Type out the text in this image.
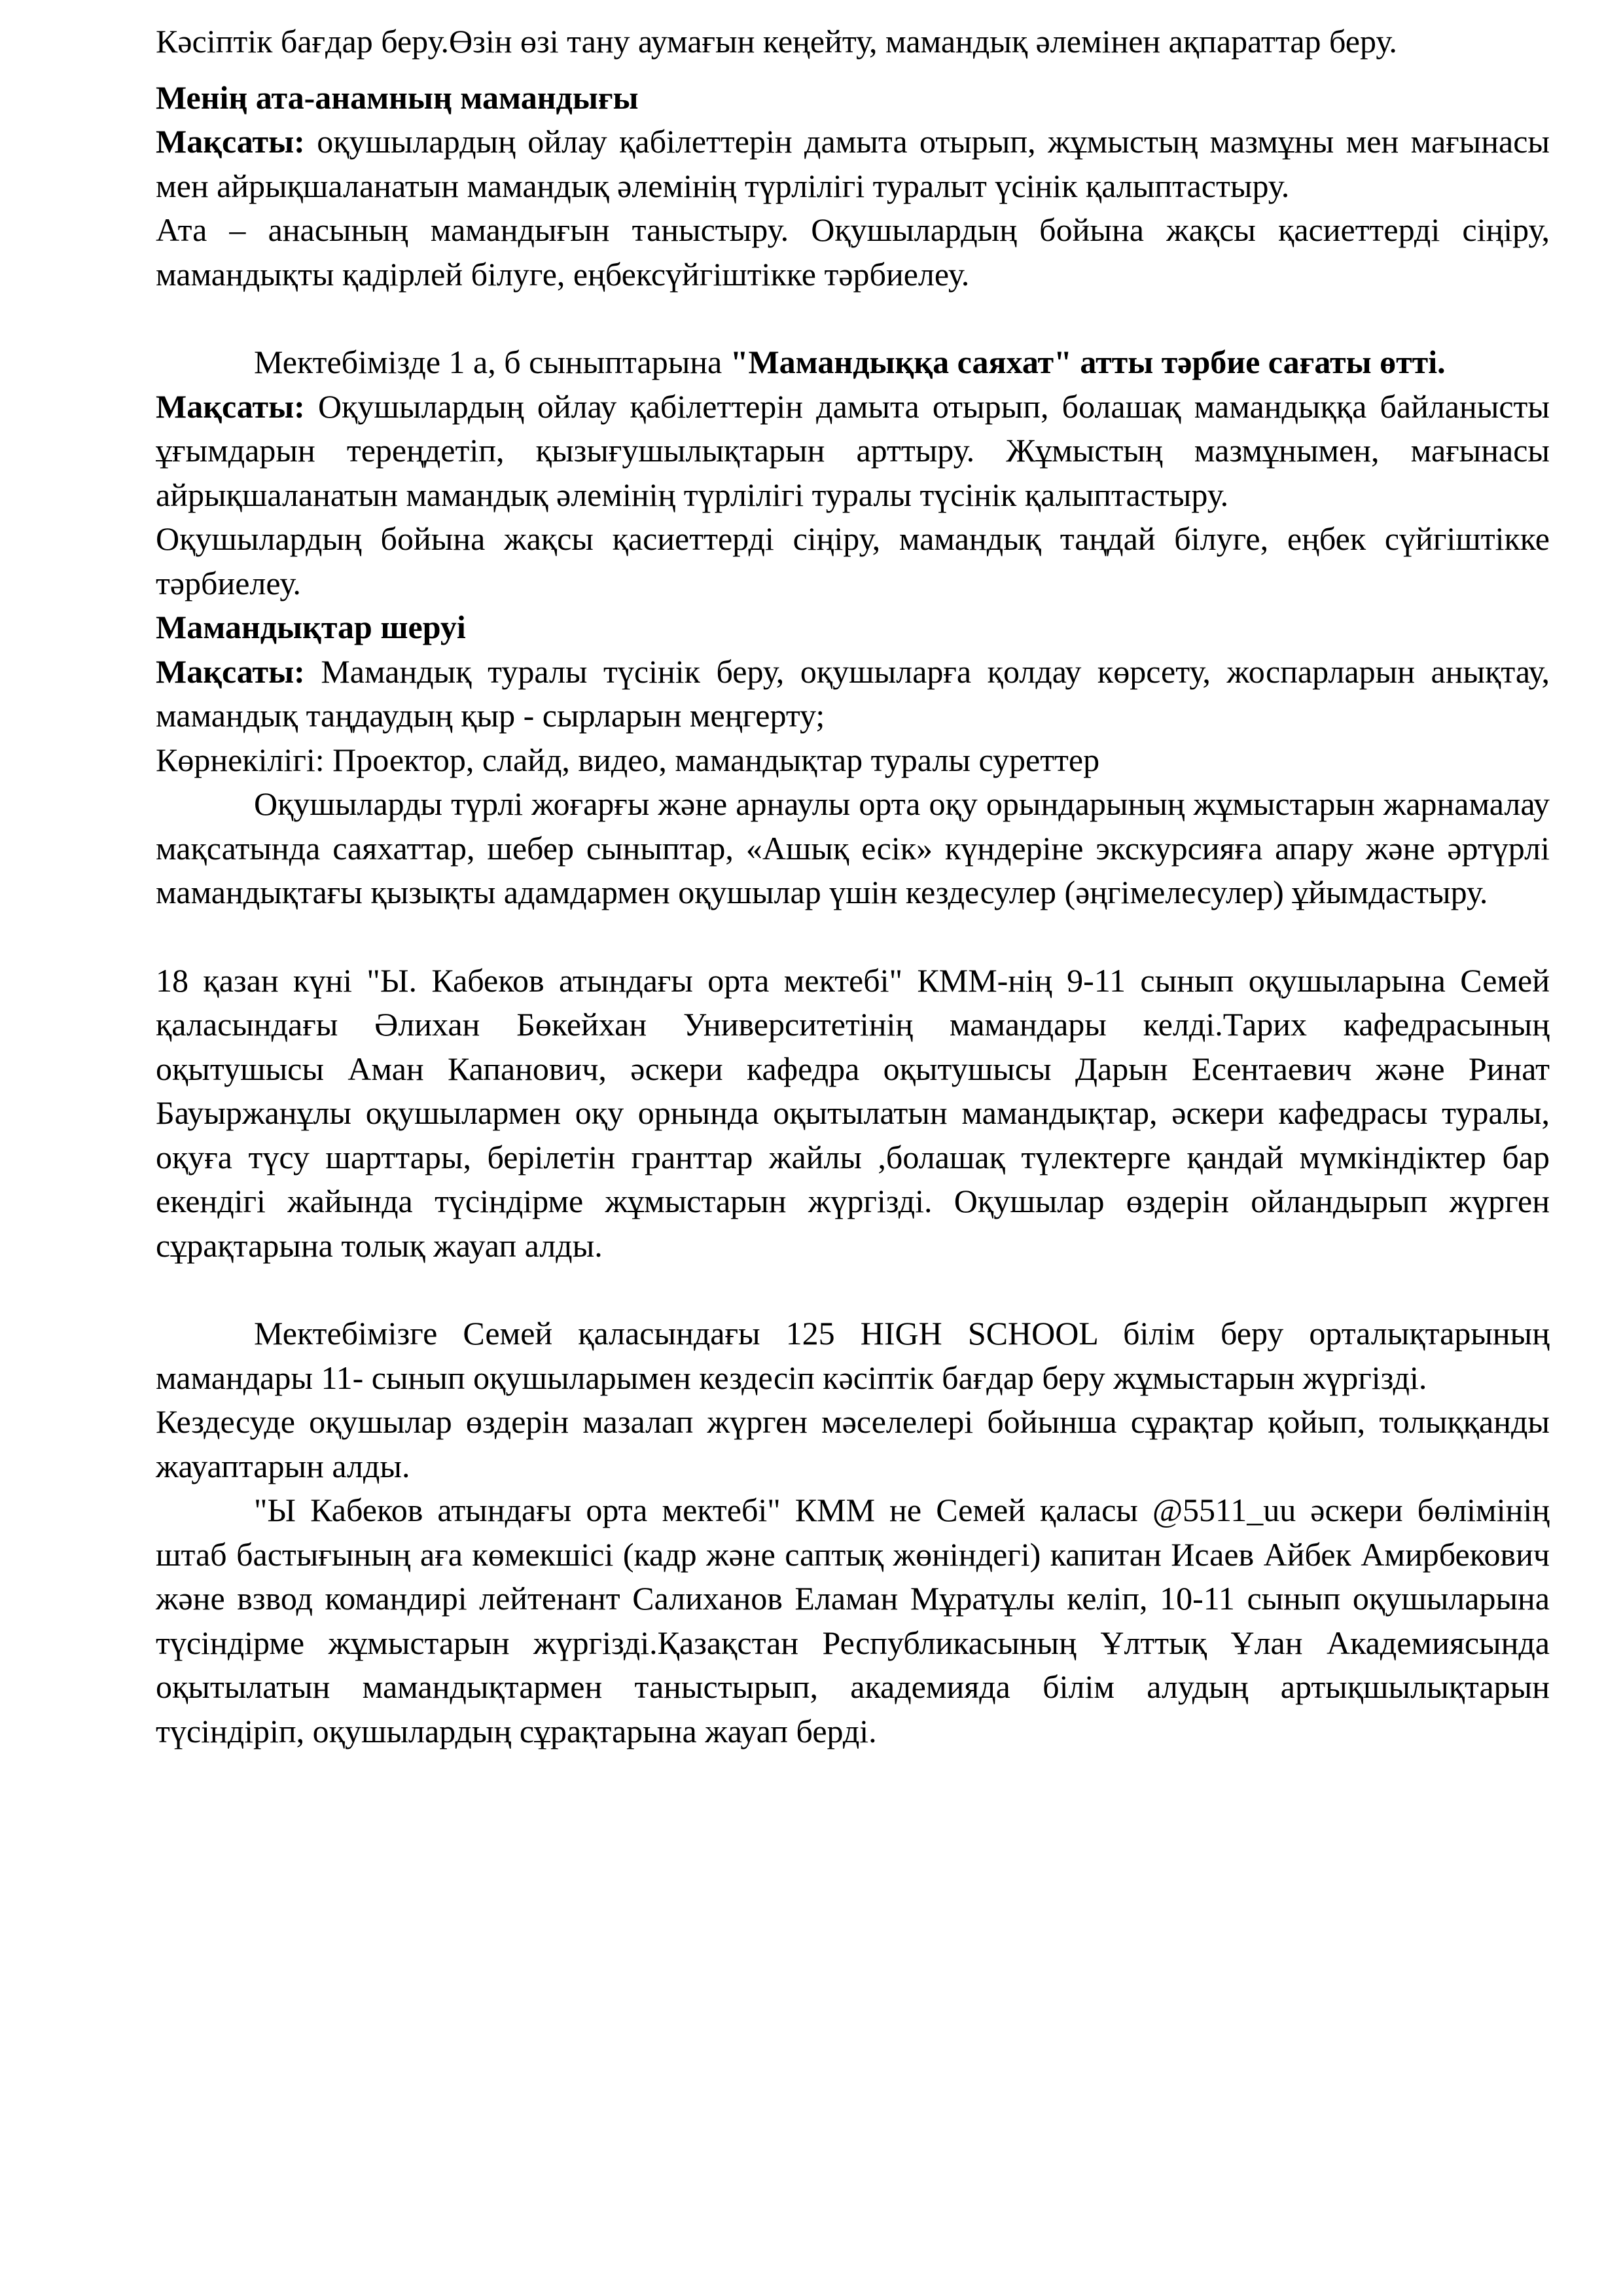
Кәсіптік бағдар беру.Өзін өзі тану аумағын кеңейту, мамандық әлемінен ақпараттар беру.

Менің ата-анамның мамандығы

Мақсаты: оқушылардың ойлау қабілеттерін дамыта отырып, жұмыстың мазмұны мен мағынасы мен айрықшаланатын мамандық әлемінің түрлілігі туралыт үсінік қалыптастыру.

Ата – анасының мамандығын таныстыру. Оқушылардың бойына жақсы қасиеттерді сіңіру, мамандықты қадірлей білуге, еңбексүйгіштікке тәрбиелеу.

Мектебімізде 1 а, б сыныптарына "Мамандыққа саяхат" атты тәрбие сағаты өтті.

Мақсаты: Оқушылардың ойлау қабілеттерін дамыта отырып, болашақ мамандыққа байланысты ұғымдарын тереңдетіп, қызығушылықтарын арттыру. Жұмыстың мазмұнымен, мағынасы айрықшаланатын мамандық әлемінің түрлілігі туралы түсінік қалыптастыру.

Оқушылардың бойына жақсы қасиеттерді сіңіру, мамандық таңдай білуге, еңбек сүйгіштікке тәрбиелеу.

Мамандықтар шеруі

Мақсаты: Мамандық туралы түсінік беру, оқушыларға қолдау көрсету, жоспарларын анықтау, мамандық таңдаудың қыр - сырларын меңгерту;

Көрнекілігі: Проектор, слайд, видео, мамандықтар туралы суреттер

Оқушыларды түрлі жоғарғы және арнаулы орта оқу орындарының жұмыстарын жарнамалау мақсатында саяхаттар, шебер сыныптар, «Ашық есік» күндеріне экскурсияға апару және әртүрлі мамандықтағы қызықты адамдармен оқушылар үшін кездесулер (әңгімелесулер) ұйымдастыру.

18 қазан күні "Ы. Кабеков атындағы орта мектебі" КММ-нің 9-11 сынып оқушыларына Семей қаласындағы Әлихан Бөкейхан Университетінің мамандары келді.Тарих кафедрасының оқытушысы Аман Капанович, әскери кафедра оқытушысы Дарын Есентаевич және Ринат Бауыржанұлы оқушылармен оқу орнында оқытылатын мамандықтар, әскери кафедрасы туралы, оқуға түсу шарттары, берілетін гранттар жайлы ,болашақ түлектерге қандай мүмкіндіктер бар екендігі жайында түсіндірме жұмыстарын жүргізді. Оқушылар өздерін ойландырып жүрген сұрақтарына толық жауап алды.

Мектебімізге Семей қаласындағы 125 HIGH SCHOOL білім беру орталықтарының мамандары 11- сынып оқушыларымен кездесіп кәсіптік бағдар беру жұмыстарын жүргізді.

Кездесуде оқушылар өздерін мазалап жүрген мәселелері бойынша сұрақтар қойып, толыққанды жауаптарын алды.

"Ы Кабеков атындағы орта мектебі" КММ не Семей қаласы @5511_uu әскери бөлімінің штаб бастығының аға көмекшісі (кадр және саптық жөніндегі) капитан Исаев Айбек Амирбекович және взвод командирі лейтенант Салиханов Еламан Мұратұлы келіп, 10-11 сынып оқушыларына түсіндірме жұмыстарын жүргізді.Қазақстан Республикасының Ұлттық Ұлан Академиясында оқытылатын мамандықтармен таныстырып, академияда білім алудың артықшылықтарын түсіндіріп, оқушылардың сұрақтарына жауап берді.
